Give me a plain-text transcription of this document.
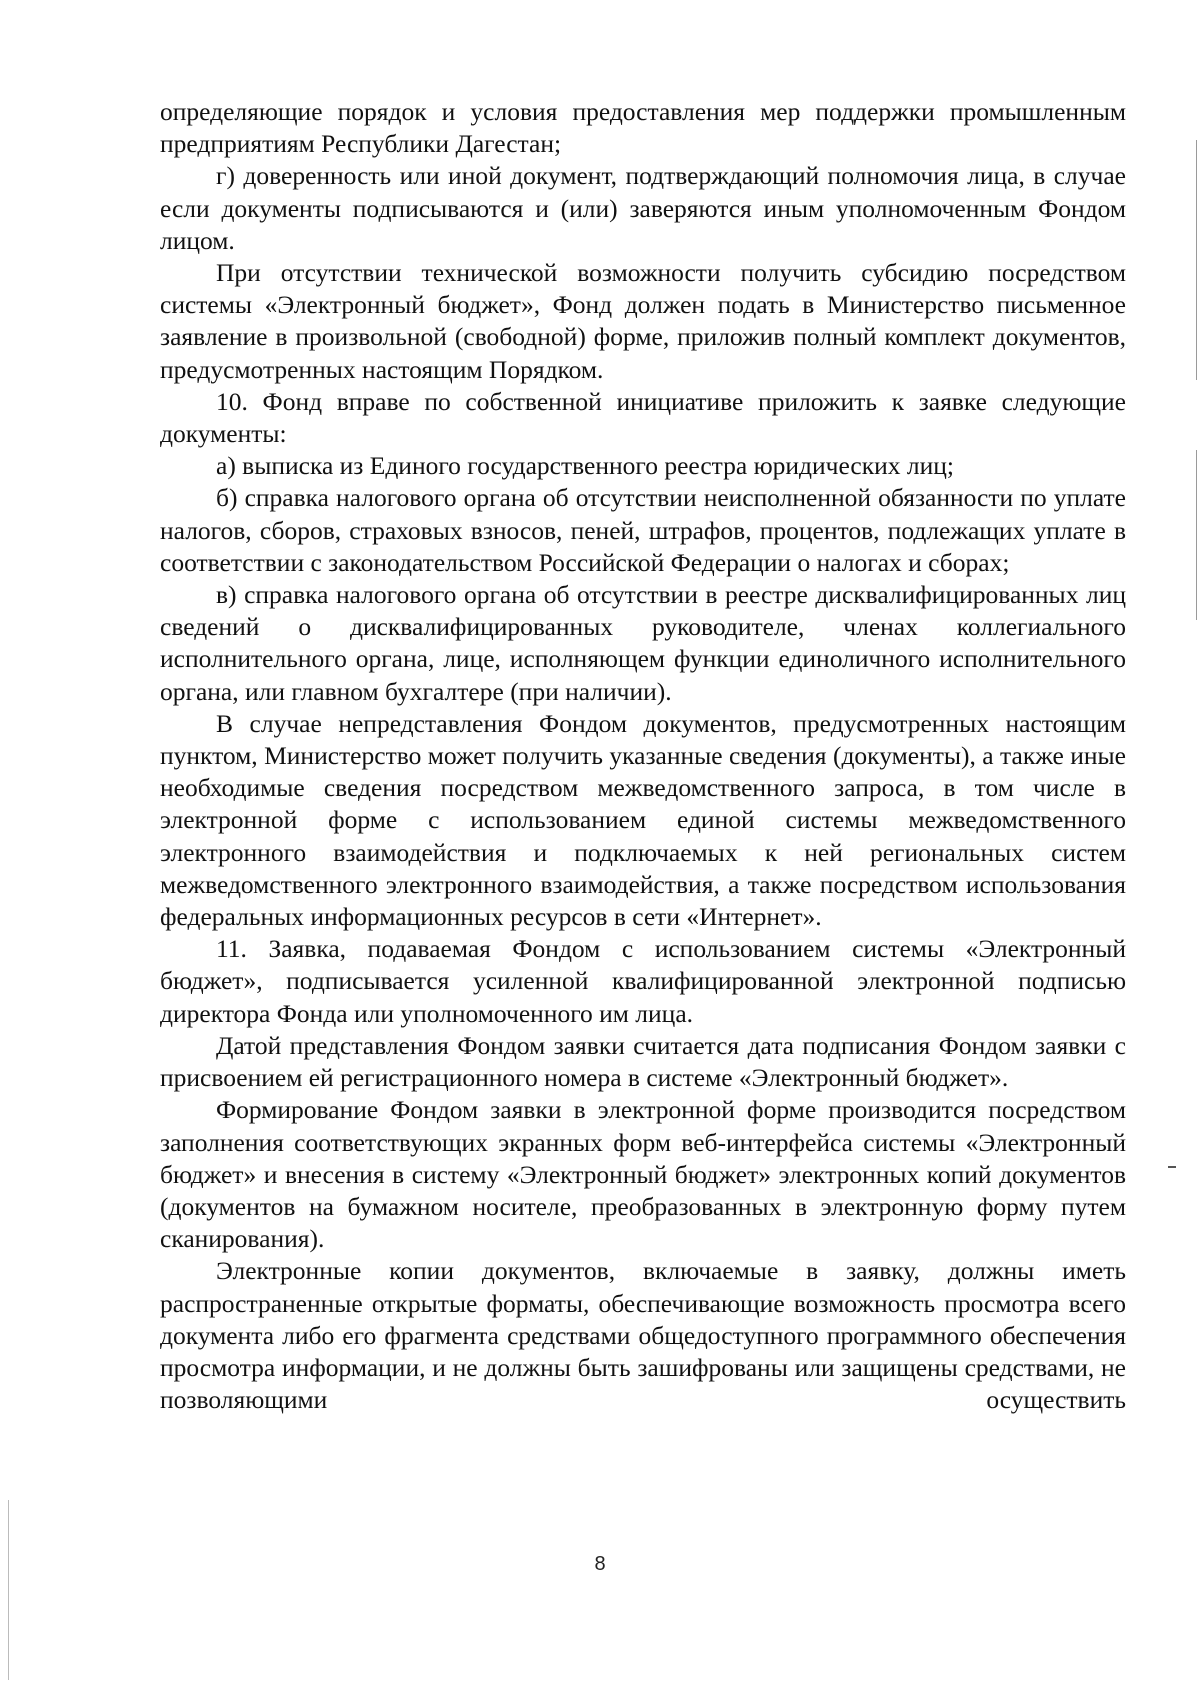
определяющие порядок и условия предоставления мер поддержки промышленным предприятиям Республики Дагестан;

г) доверенность или иной документ, подтверждающий полномочия лица, в случае если документы подписываются и (или) заверяются иным уполномоченным Фондом лицом.

При отсутствии технической возможности получить субсидию посредством системы «Электронный бюджет», Фонд должен подать в Министерство письменное заявление в произвольной (свободной) форме, приложив полный комплект документов, предусмотренных настоящим Порядком.

10. Фонд вправе по собственной инициативе приложить к заявке следующие документы:

а) выписка из Единого государственного реестра юридических лиц;

б) справка налогового органа об отсутствии неисполненной обязанности по уплате налогов, сборов, страховых взносов, пеней, штрафов, процентов, подлежащих уплате в соответствии с законодательством Российской Федерации о налогах и сборах;

в) справка налогового органа об отсутствии в реестре дисквалифицированных лиц сведений о дисквалифицированных руководителе, членах коллегиального исполнительного органа, лице, исполняющем функции единоличного исполнительного органа, или главном бухгалтере (при наличии).

В случае непредставления Фондом документов, предусмотренных настоящим пунктом, Министерство может получить указанные сведения (документы), а также иные необходимые сведения посредством межведомственного запроса, в том числе в электронной форме с использованием единой системы межведомственного электронного взаимодействия и подключаемых к ней региональных систем межведомственного электронного взаимодействия, а также посредством использования федеральных информационных ресурсов в сети «Интернет».

11. Заявка, подаваемая Фондом с использованием системы «Электронный бюджет», подписывается усиленной квалифицированной электронной подписью директора Фонда или уполномоченного им лица.

Датой представления Фондом заявки считается дата подписания Фондом заявки с присвоением ей регистрационного номера в системе «Электронный бюджет».

Формирование Фондом заявки в электронной форме производится посредством заполнения соответствующих экранных форм веб-интерфейса системы «Электронный бюджет» и внесения в систему «Электронный бюджет» электронных копий документов (документов на бумажном носителе, преобразованных в электронную форму путем сканирования).

Электронные копии документов, включаемые в заявку, должны иметь распространенные открытые форматы, обеспечивающие возможность просмотра всего документа либо его фрагмента средствами общедоступного программного обеспечения просмотра информации, и не должны быть зашифрованы или защищены средствами, не позволяющими осуществить

8
